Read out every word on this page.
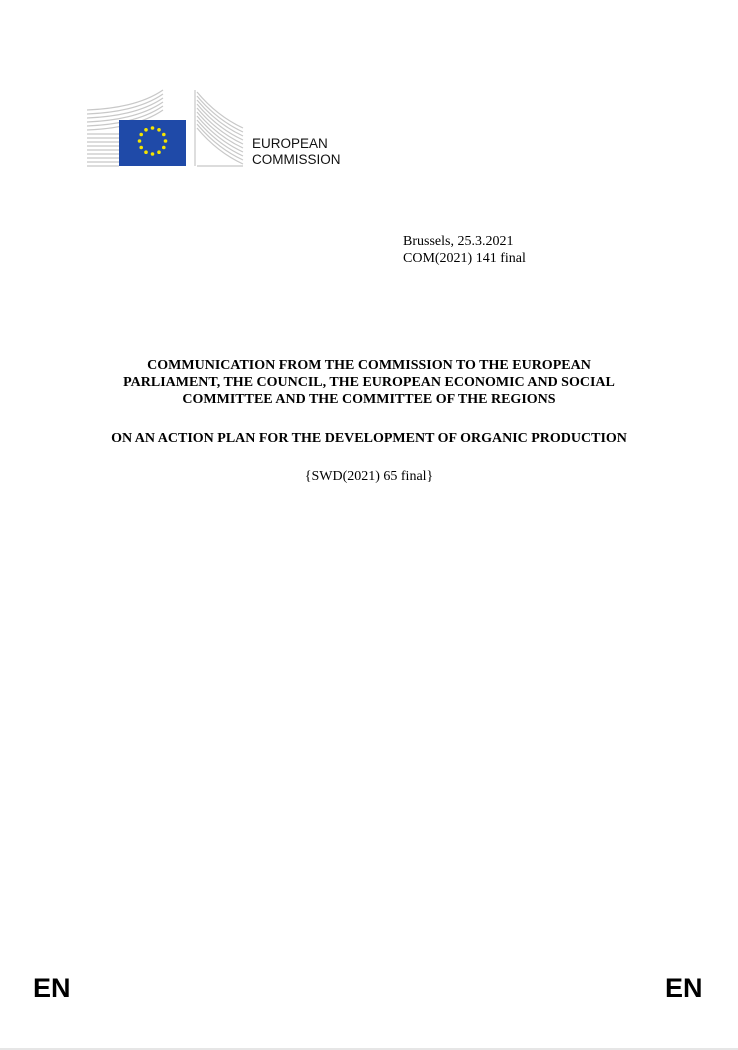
EUROPEAN
COMMISSION
Brussels, 25.3.2021
COM(2021) 141 final
COMMUNICATION FROM THE COMMISSION TO THE EUROPEAN
PARLIAMENT, THE COUNCIL, THE EUROPEAN ECONOMIC AND SOCIAL
COMMITTEE AND THE COMMITTEE OF THE REGIONS
ON AN ACTION PLAN FOR THE DEVELOPMENT OF ORGANIC PRODUCTION
{SWD(2021) 65 final}
EN	EN
